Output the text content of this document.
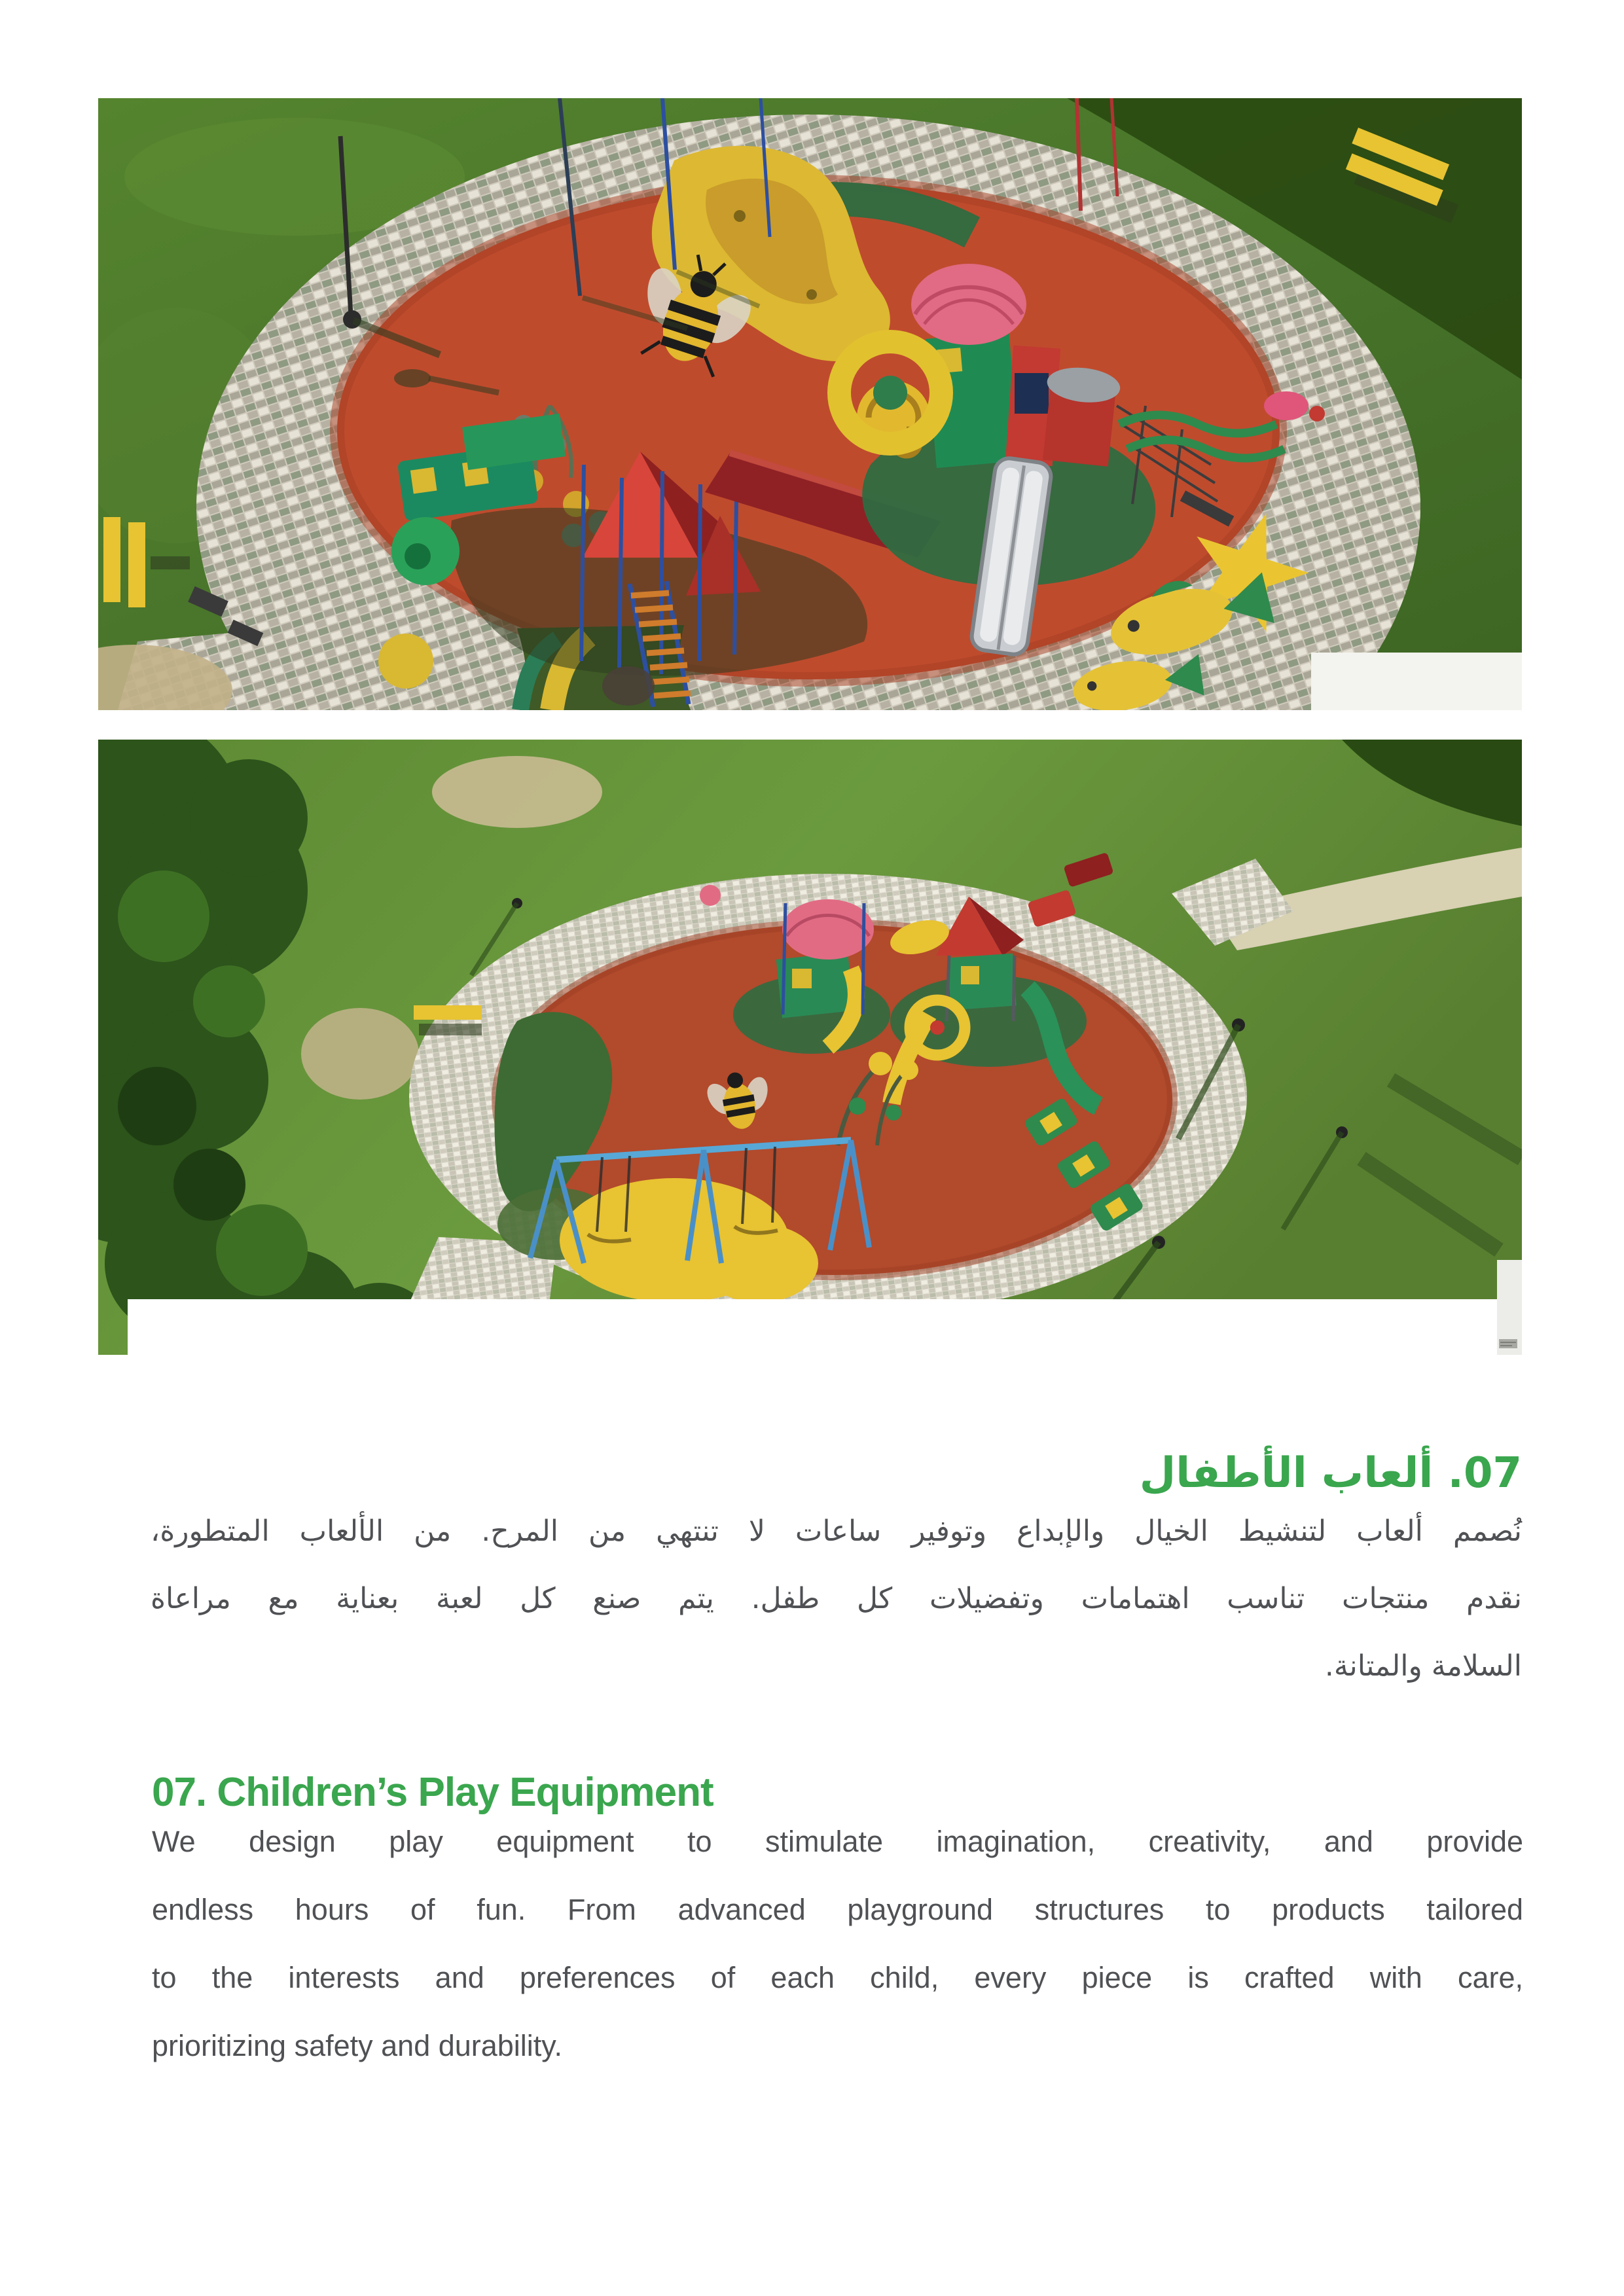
07. ألعاب الأطفال
نُصمم ألعاب لتنشيط الخيال والإبداع وتوفير ساعات لا تنتهي من المرح. من الألعاب المتطورة،
نقدم منتجات تناسب اهتمامات وتفضيلات كل طفل. يتم صنع كل لعبة بعناية مع مراعاة
السلامة والمتانة.
07. Children’s Play Equipment
We design play equipment to stimulate imagination, creativity, and provide
endless hours of fun. From advanced playground structures to products tailored
to the interests and preferences of each child, every piece is crafted with care,
prioritizing safety and durability.
